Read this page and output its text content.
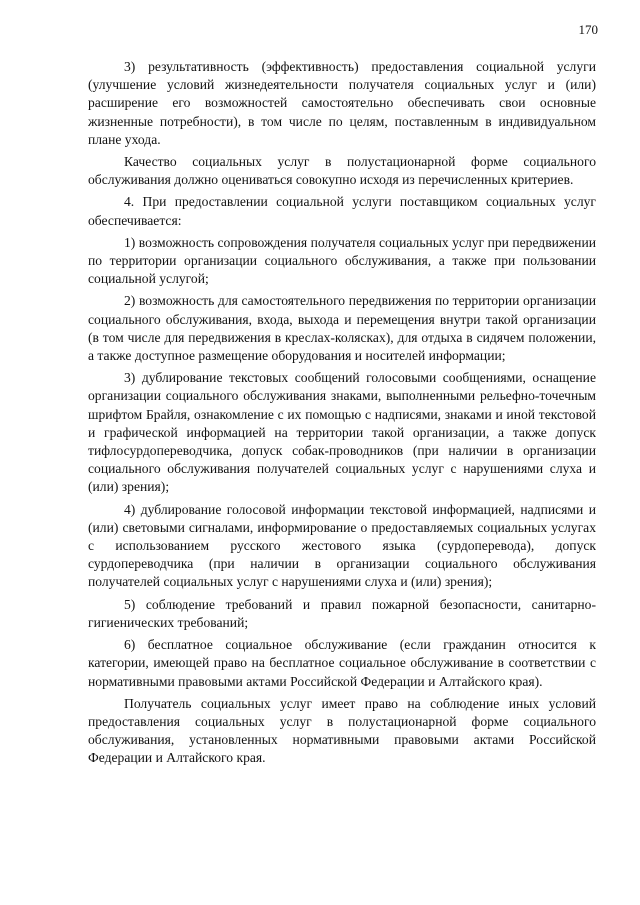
170

3) результативность (эффективность) предоставления социальной услуги (улучшение условий жизнедеятельности получателя социальных услуг и (или) расширение его возможностей самостоятельно обеспечивать свои основные жизненные потребности), в том числе по целям, поставленным в индивидуальном плане ухода.

Качество социальных услуг в полустационарной форме социального обслуживания должно оцениваться совокупно исходя из перечисленных критериев.

4. При предоставлении социальной услуги поставщиком социальных услуг обеспечивается:

1) возможность сопровождения получателя социальных услуг при передвижении по территории организации социального обслуживания, а также при пользовании социальной услугой;

2) возможность для самостоятельного передвижения по территории организации социального обслуживания, входа, выхода и перемещения внутри такой организации (в том числе для передвижения в креслах-колясках), для отдыха в сидячем положении, а также доступное размещение оборудования и носителей информации;

3) дублирование текстовых сообщений голосовыми сообщениями, оснащение организации социального обслуживания знаками, выполненными рельефно-точечным шрифтом Брайля, ознакомление с их помощью с надписями, знаками и иной текстовой и графической информацией на территории такой организации, а также допуск тифлосурдопереводчика, допуск собак-проводников (при наличии в организации социального обслуживания получателей социальных услуг с нарушениями слуха и (или) зрения);

4) дублирование голосовой информации текстовой информацией, надписями и (или) световыми сигналами, информирование о предоставляемых социальных услугах с использованием русского жестового языка (сурдоперевода), допуск сурдопереводчика (при наличии в организации социального обслуживания получателей социальных услуг с нарушениями слуха и (или) зрения);

5) соблюдение требований и правил пожарной безопасности, санитарно-гигиенических требований;

6) бесплатное социальное обслуживание (если гражданин относится к категории, имеющей право на бесплатное социальное обслуживание в соответствии с нормативными правовыми актами Российской Федерации и Алтайского края).

Получатель социальных услуг имеет право на соблюдение иных условий предоставления социальных услуг в полустационарной форме социального обслуживания, установленных нормативными правовыми актами Российской Федерации и Алтайского края.
